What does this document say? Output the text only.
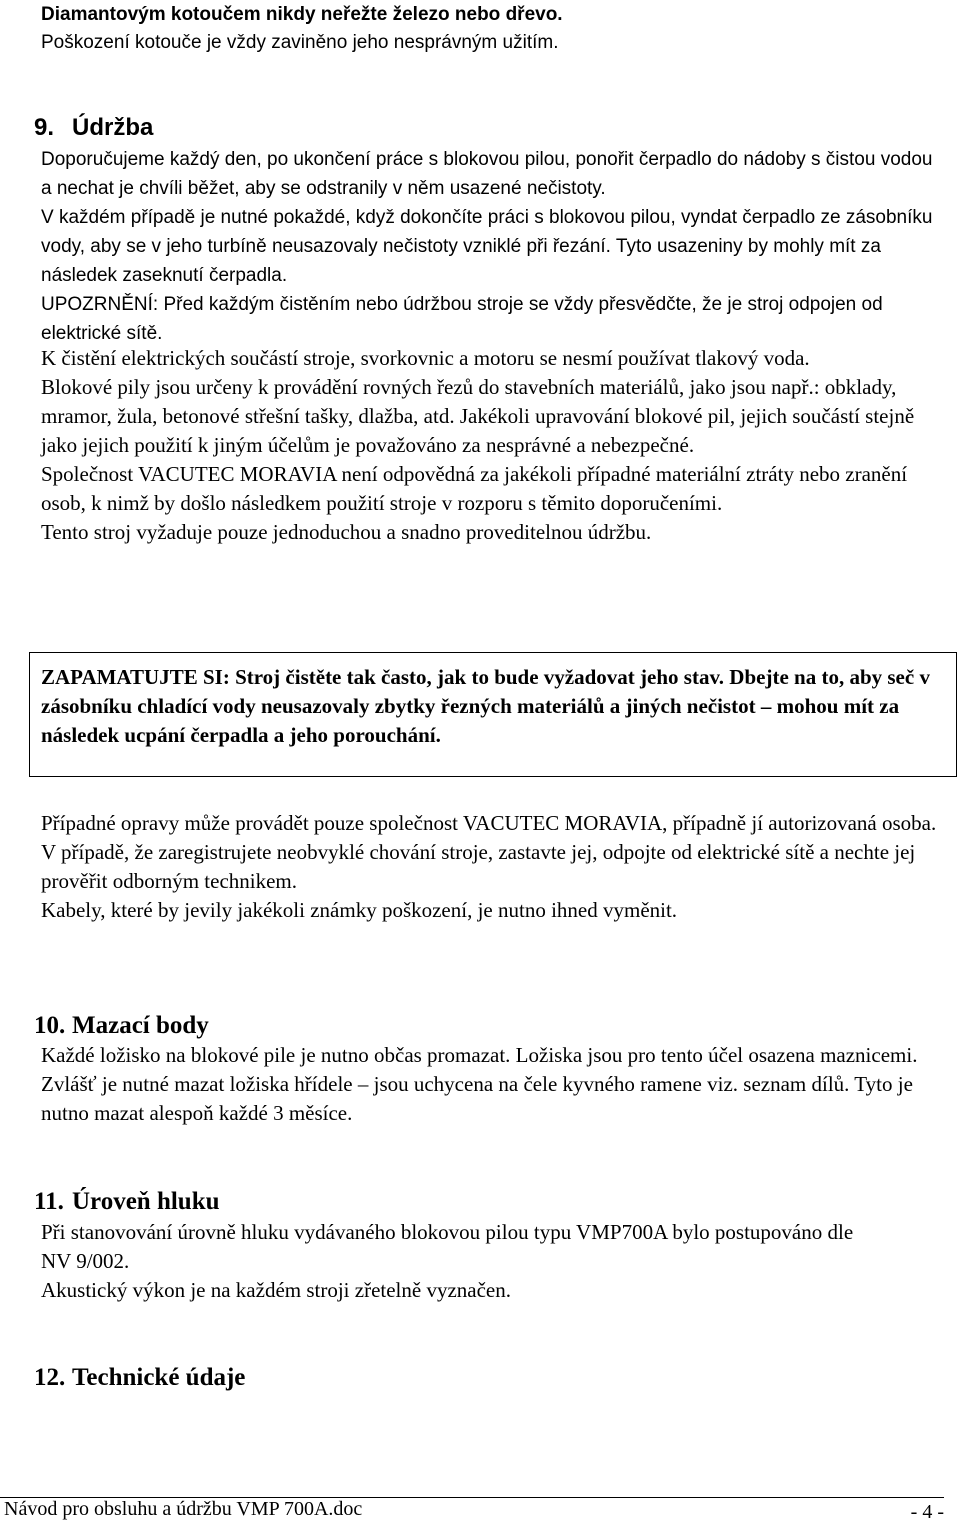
Diamantovým kotoučem nikdy neřežte železo nebo dřevo.
Poškození kotouče je vždy zaviněno jeho nesprávným užitím.
9. Údržba
Doporučujeme každý den, po ukončení práce s blokovou pilou, ponořit čerpadlo do nádoby s čistou vodou a nechat je chvíli běžet, aby se odstranily v něm usazené nečistoty.
V každém případě je nutné pokaždé, když dokončíte práci s blokovou pilou, vyndat čerpadlo ze zásobníku vody, aby se v jeho turbíně neusazovaly nečistoty vzniklé při řezání. Tyto usazeniny by mohly mít za následek zaseknutí čerpadla.
UPOZRNĚNÍ: Před každým čistěním nebo údržbou stroje se vždy přesvědčte, že je stroj odpojen od elektrické sítě.
K čistění elektrických součástí stroje, svorkovnic a motoru se nesmí používat tlakový voda.
Blokové pily jsou určeny k provádění rovných řezů do stavebních materiálů, jako jsou např.: obklady, mramor, žula, betonové střešní tašky, dlažba, atd. Jakékoli upravování blokové pil, jejich součástí stejně jako jejich použití k jiným účelům je považováno za nesprávné a nebezpečné.
Společnost VACUTEC MORAVIA není odpovědná za jakékoli případné materiální ztráty nebo zranění osob, k nimž by došlo následkem použití stroje v rozporu s těmito doporučeními.
Tento stroj vyžaduje pouze jednoduchou a snadno proveditelnou údržbu.
ZAPAMATUJTE SI: Stroj čistěte tak často, jak to bude vyžadovat jeho stav. Dbejte na to, aby seč v zásobníku chladící vody neusazovaly zbytky řezných materiálů a jiných nečistot – mohou mít za následek ucpání čerpadla a jeho porouchání.
Případné opravy může provádět pouze společnost VACUTEC MORAVIA, případně jí autorizovaná osoba.
V případě, že zaregistrujete neobvyklé chování stroje, zastavte jej, odpojte od elektrické sítě a nechte jej prověřit odborným technikem.
Kabely, které by jevily jakékoli známky poškození, je nutno ihned vyměnit.
10. Mazací body
Každé ložisko na blokové pile je nutno občas promazat. Ložiska jsou pro tento účel osazena maznicemi. Zvlášť je nutné mazat ložiska hřídele – jsou uchycena na čele kyvného ramene viz. seznam dílů. Tyto je nutno mazat alespoň každé 3 měsíce.
11. Úroveň hluku
Při stanovování úrovně hluku vydávaného blokovou pilou typu VMP700A bylo postupováno dle NV 9/002.
Akustický výkon je na každém stroji zřetelně vyznačen.
12. Technické údaje
Návod pro obsluhu a údržbu VMP 700A.doc	- 4 -
